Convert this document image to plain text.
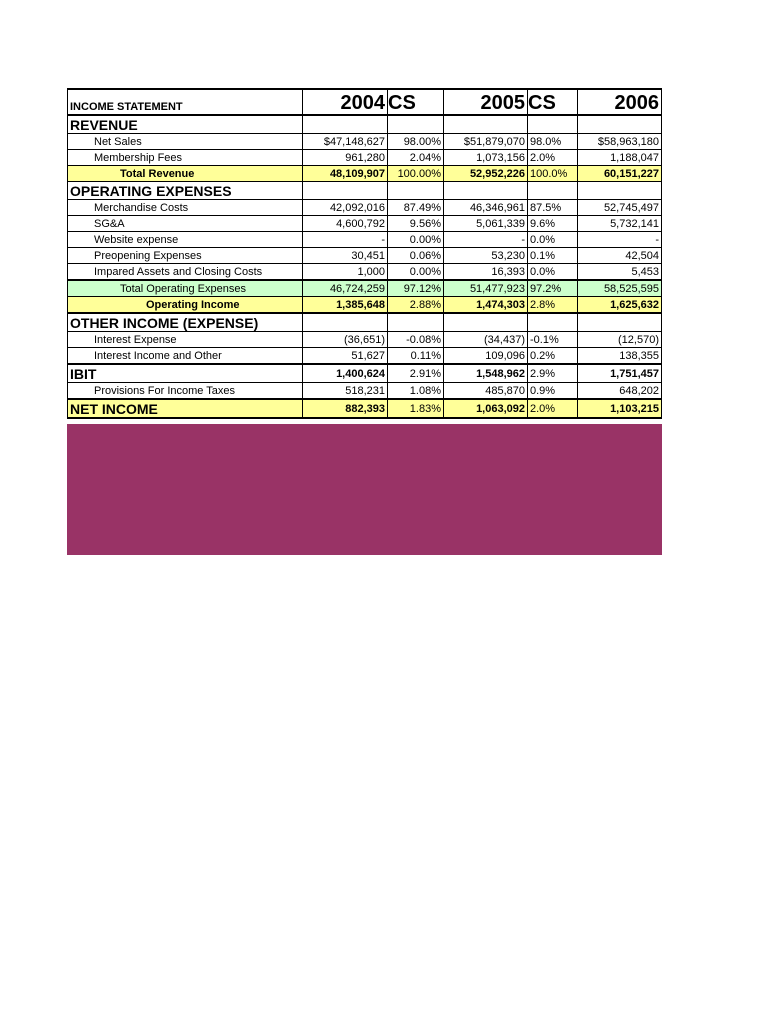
INCOME STATEMENT	2004	CS	2005	CS	2006
REVENUE					
Net Sales	$47,148,627	98.00%	$51,879,070	98.0%	$58,963,180
Membership Fees	961,280	2.04%	1,073,156	2.0%	1,188,047
Total Revenue	48,109,907	100.00%	52,952,226	100.0%	60,151,227
OPERATING EXPENSES					
Merchandise Costs	42,092,016	87.49%	46,346,961	87.5%	52,745,497
SG&A	4,600,792	9.56%	5,061,339	9.6%	5,732,141
Website expense	-	0.00%	-	0.0%	-
Preopening Expenses	30,451	0.06%	53,230	0.1%	42,504
Impared Assets and Closing Costs	1,000	0.00%	16,393	0.0%	5,453
Total Operating Expenses	46,724,259	97.12%	51,477,923	97.2%	58,525,595
Operating Income	1,385,648	2.88%	1,474,303	2.8%	1,625,632
OTHER INCOME (EXPENSE)					
Interest Expense	(36,651)	-0.08%	(34,437)	-0.1%	(12,570)
Interest Income and Other	51,627	0.11%	109,096	0.2%	138,355
IBIT	1,400,624	2.91%	1,548,962	2.9%	1,751,457
Provisions For Income Taxes	518,231	1.08%	485,870	0.9%	648,202
NET INCOME	882,393	1.83%	1,063,092	2.0%	1,103,215
